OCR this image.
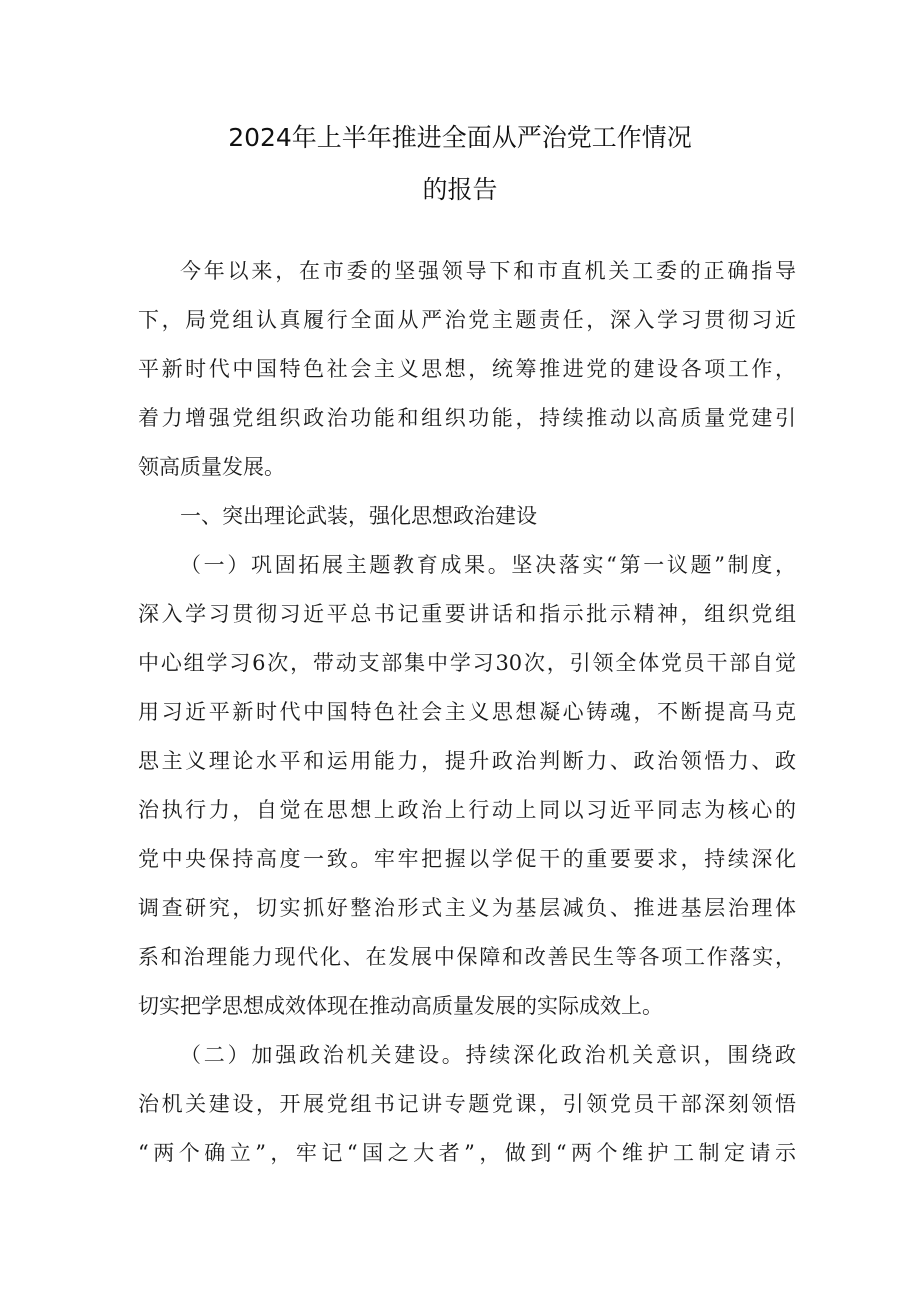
2024年上半年推进全面从严治党工作情况
的报告
今年以来，在市委的坚强领导下和市直机关工委的正确指导
下，局党组认真履行全面从严治党主题责任，深入学习贯彻习近
平新时代中国特色社会主义思想，统筹推进党的建设各项工作，
着力增强党组织政治功能和组织功能，持续推动以高质量党建引
领高质量发展。
一、突出理论武装，强化思想政治建设
（一）巩固拓展主题教育成果。坚决落实“第一议题”制度，
深入学习贯彻习近平总书记重要讲话和指示批示精神，组织党组
中心组学习6次，带动支部集中学习30次，引领全体党员干部自觉
用习近平新时代中国特色社会主义思想凝心铸魂，不断提高马克
思主义理论水平和运用能力，提升政治判断力、政治领悟力、政
治执行力，自觉在思想上政治上行动上同以习近平同志为核心的
党中央保持高度一致。牢牢把握以学促干的重要要求，持续深化
调查研究，切实抓好整治形式主义为基层减负、推进基层治理体
系和治理能力现代化、在发展中保障和改善民生等各项工作落实，
切实把学思想成效体现在推动高质量发展的实际成效上。
（二）加强政治机关建设。持续深化政治机关意识，围绕政
治机关建设，开展党组书记讲专题党课，引领党员干部深刻领悟
“两个确立”，牢记“国之大者”，做到“两个维护工制定请示
